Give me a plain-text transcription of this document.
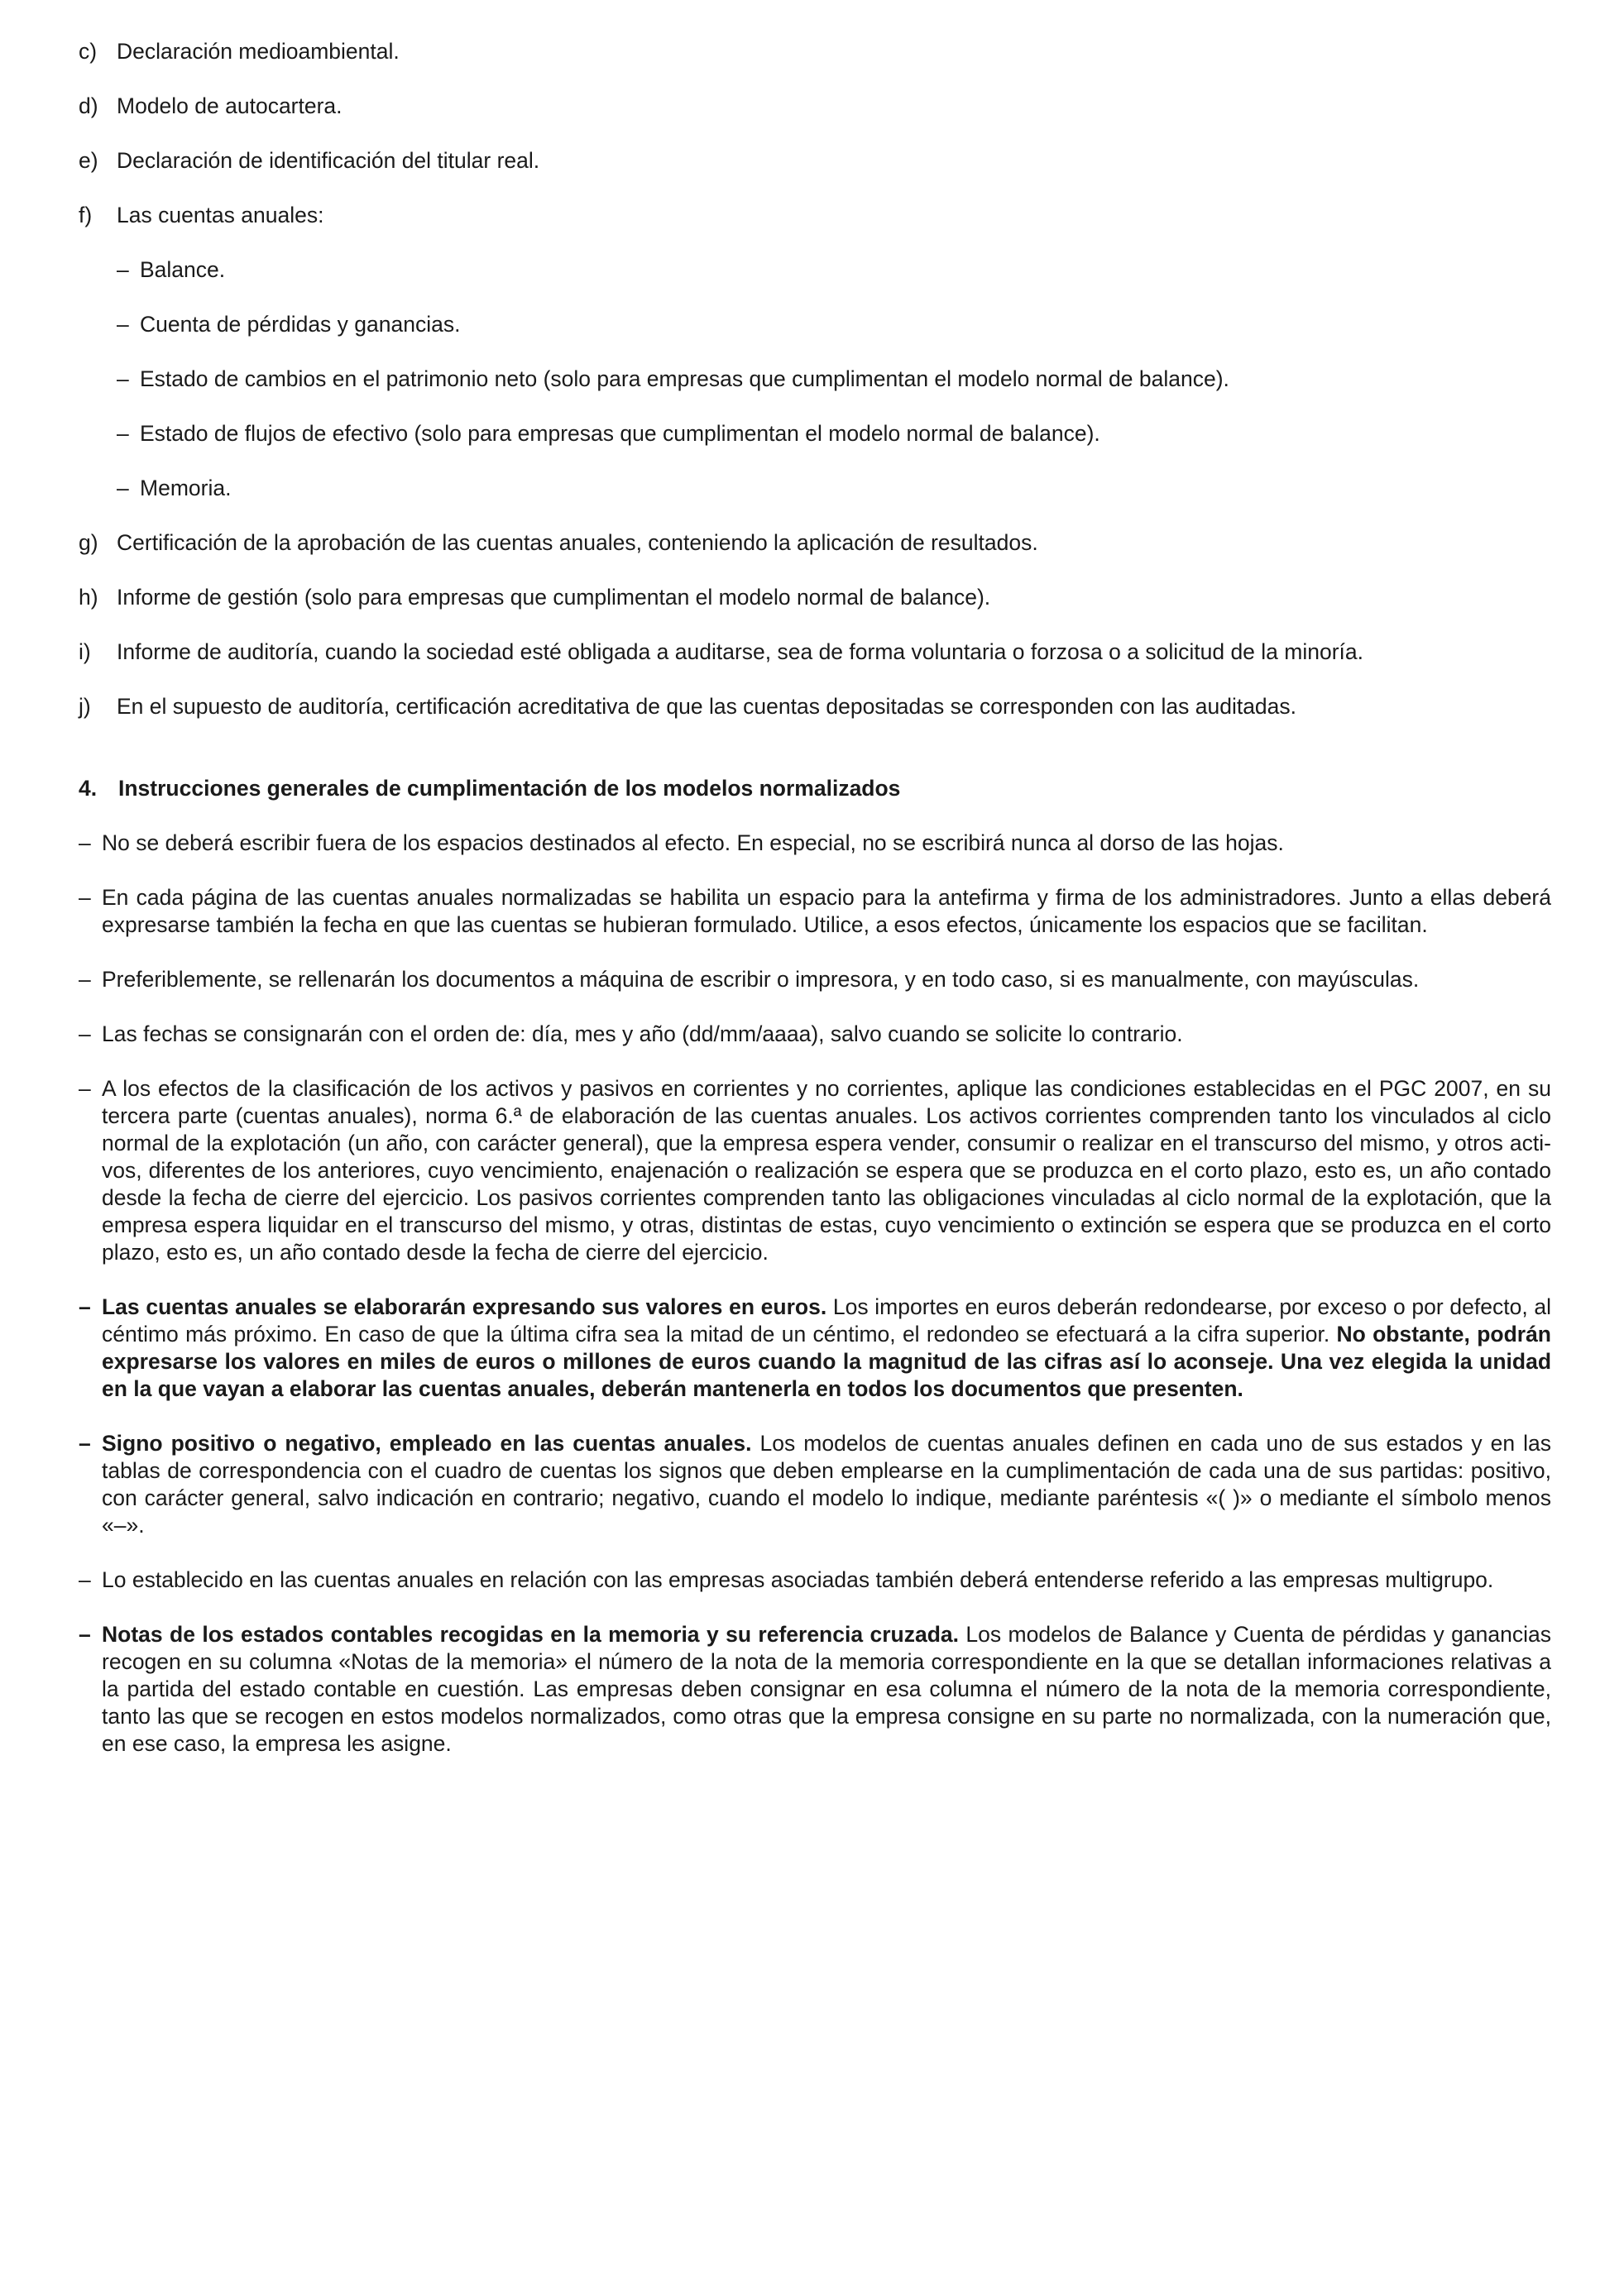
c) Declaración medioambiental.
d) Modelo de autocartera.
e) Declaración de identificación del titular real.
f)	Las cuentas anuales:
– Balance.
– Cuenta de pérdidas y ganancias.
– Estado de cambios en el patrimonio neto (solo para empresas que cumplimentan el modelo normal de balance).
– Estado de flujos de efectivo (solo para empresas que cumplimentan el modelo normal de balance).
– Memoria.
g) Certificación de la aprobación de las cuentas anuales, conteniendo la aplicación de resultados.
h) Informe de gestión (solo para empresas que cumplimentan el modelo normal de balance).
i)	Informe de auditoría, cuando la sociedad esté obligada a auditarse, sea de forma voluntaria o forzosa o a solicitud de la minoría.
j)	En el supuesto de auditoría, certificación acreditativa de que las cuentas depositadas se corresponden con las auditadas.
4. Instrucciones generales de cumplimentación de los modelos normalizados
– No se deberá escribir fuera de los espacios destinados al efecto. En especial, no se escribirá nunca al dorso de las hojas.
– En cada página de las cuentas anuales normalizadas se habilita un espacio para la antefirma y firma de los administradores. Junto a ellas deberá expresarse también la fecha en que las cuentas se hubieran formulado. Utilice, a esos efectos, únicamente los espacios que se facilitan.
– Preferiblemente, se rellenarán los documentos a máquina de escribir o impresora, y en todo caso, si es manualmente, con mayúsculas.
– Las fechas se consignarán con el orden de: día, mes y año (dd/mm/aaaa), salvo cuando se solicite lo contrario.
– A los efectos de la clasificación de los activos y pasivos en corrientes y no corrientes, aplique las condiciones establecidas en el PGC 2007, en su tercera parte (cuentas anuales), norma 6.ª de elaboración de las cuentas anuales. Los activos corrientes comprenden tanto los vinculados al ciclo normal de la explotación (un año, con carácter general), que la empresa espera vender, consumir o realizar en el transcurso del mismo, y otros activos, diferentes de los anteriores, cuyo vencimiento, enajenación o realización se espera que se produzca en el corto plazo, esto es, un año contado desde la fecha de cierre del ejercicio. Los pasivos corrientes comprenden tanto las obligaciones vinculadas al ciclo normal de la explotación, que la empresa espera liquidar en el transcurso del mismo, y otras, distintas de estas, cuyo vencimiento o extinción se espera que se produzca en el corto plazo, esto es, un año contado desde la fecha de cierre del ejercicio.
– Las cuentas anuales se elaborarán expresando sus valores en euros. Los importes en euros deberán redondearse, por exceso o por defecto, al céntimo más próximo. En caso de que la última cifra sea la mitad de un céntimo, el redondeo se efectuará a la cifra superior. No obstante, podrán expresarse los valores en miles de euros o millones de euros cuando la magnitud de las cifras así lo aconseje. Una vez elegida la unidad en la que vayan a elaborar las cuentas anuales, deberán mantenerla en todos los documentos que presenten.
– Signo positivo o negativo, empleado en las cuentas anuales. Los modelos de cuentas anuales definen en cada uno de sus estados y en las tablas de correspondencia con el cuadro de cuentas los signos que deben emplearse en la cumplimentación de cada una de sus partidas: positivo, con carácter general, salvo indicación en contrario; negativo, cuando el modelo lo indique, mediante paréntesis «( )» o mediante el símbolo menos «–».
– Lo establecido en las cuentas anuales en relación con las empresas asociadas también deberá entenderse referido a las empresas multigrupo.
– Notas de los estados contables recogidas en la memoria y su referencia cruzada. Los modelos de Balance y Cuenta de pérdidas y ganancias recogen en su columna «Notas de la memoria» el número de la nota de la memoria correspondiente en la que se detallan informaciones relativas a la partida del estado contable en cuestión. Las empresas deben consignar en esa columna el número de la nota de la memoria correspondiente, tanto las que se recogen en estos modelos normalizados, como otras que la empresa consigne en su parte no normalizada, con la numeración que, en ese caso, la empresa les asigne.
